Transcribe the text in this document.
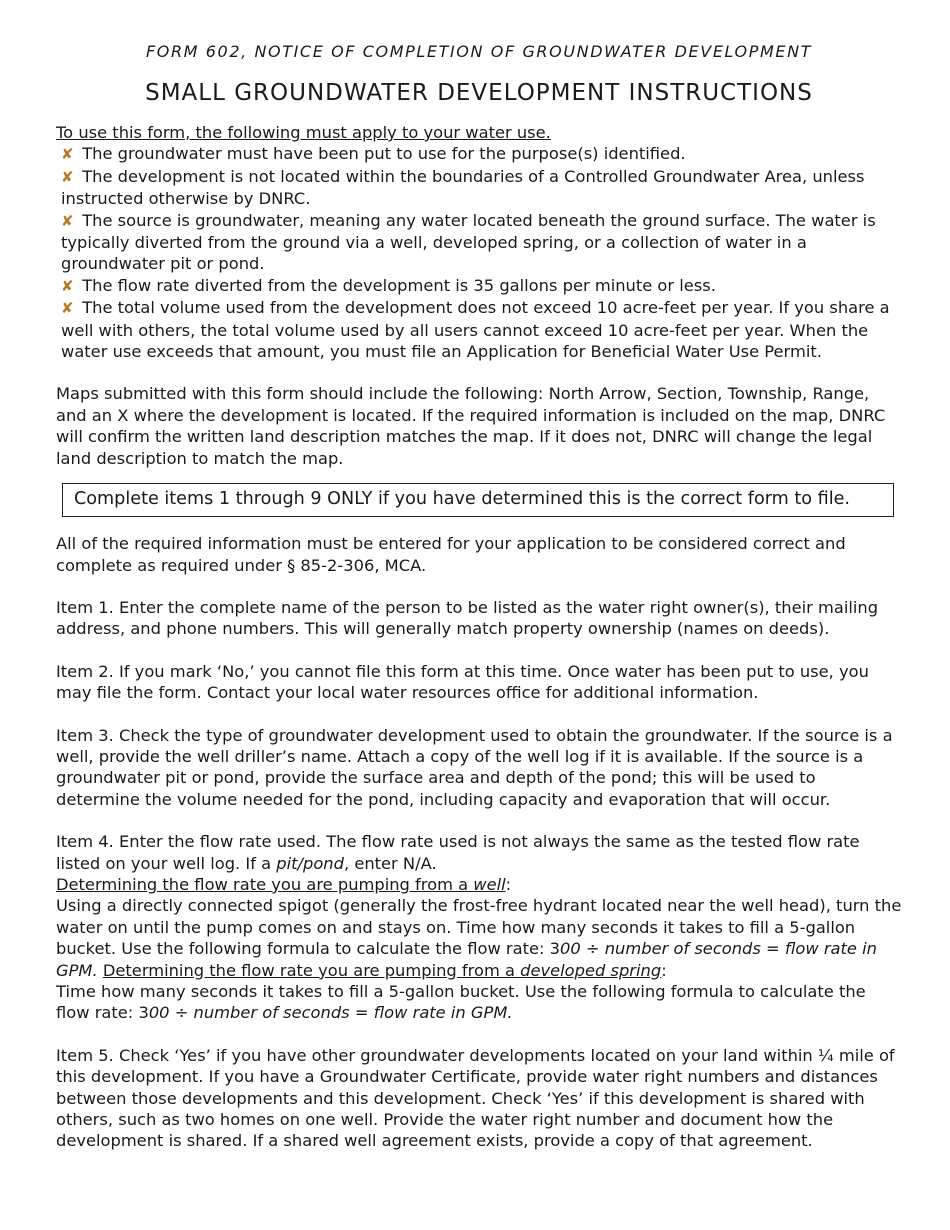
FORM 602, NOTICE OF COMPLETION OF GROUNDWATER DEVELOPMENT
SMALL GROUNDWATER DEVELOPMENT INSTRUCTIONS

To use this form, the following must apply to your water use.

✘ The groundwater must have been put to use for the purpose(s) identified.
✘ The development is not located within the boundaries of a Controlled Groundwater Area, unless instructed otherwise by DNRC.
✘ The source is groundwater, meaning any water located beneath the ground surface. The water is typically diverted from the ground via a well, developed spring, or a collection of water in a groundwater pit or pond.
✘ The flow rate diverted from the development is 35 gallons per minute or less.
✘ The total volume used from the development does not exceed 10 acre-feet per year. If you share a well with others, the total volume used by all users cannot exceed 10 acre-feet per year. When the water use exceeds that amount, you must file an Application for Beneficial Water Use Permit.

Maps submitted with this form should include the following: North Arrow, Section, Township, Range, and an X where the development is located. If the required information is included on the map, DNRC will confirm the written land description matches the map. If it does not, DNRC will change the legal land description to match the map.

Complete items 1 through 9 ONLY if you have determined this is the correct form to file.

All of the required information must be entered for your application to be considered correct and complete as required under § 85-2-306, MCA.

Item 1. Enter the complete name of the person to be listed as the water right owner(s), their mailing address, and phone numbers. This will generally match property ownership (names on deeds).

Item 2. If you mark ‘No,’ you cannot file this form at this time. Once water has been put to use, you may file the form. Contact your local water resources office for additional information.

Item 3. Check the type of groundwater development used to obtain the groundwater. If the source is a well, provide the well driller’s name. Attach a copy of the well log if it is available. If the source is a groundwater pit or pond, provide the surface area and depth of the pond; this will be used to determine the volume needed for the pond, including capacity and evaporation that will occur.

Item 4. Enter the flow rate used. The flow rate used is not always the same as the tested flow rate listed on your well log. If a pit/pond, enter N/A.
Determining the flow rate you are pumping from a well:
Using a directly connected spigot (generally the frost-free hydrant located near the well head), turn the water on until the pump comes on and stays on. Time how many seconds it takes to fill a 5-gallon bucket. Use the following formula to calculate the flow rate: 300 ÷ number of seconds = flow rate in GPM. Determining the flow rate you are pumping from a developed spring:
Time how many seconds it takes to fill a 5-gallon bucket. Use the following formula to calculate the flow rate: 300 ÷ number of seconds = flow rate in GPM.

Item 5. Check ‘Yes’ if you have other groundwater developments located on your land within ¼ mile of this development. If you have a Groundwater Certificate, provide water right numbers and distances between those developments and this development. Check ‘Yes’ if this development is shared with others, such as two homes on one well. Provide the water right number and document how the development is shared. If a shared well agreement exists, provide a copy of that agreement.
